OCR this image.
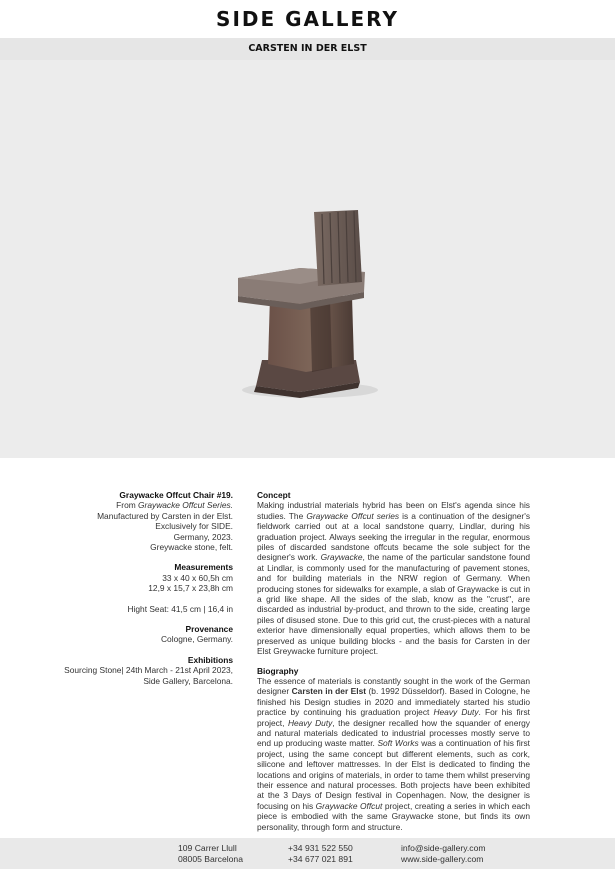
SIDE GALLERY
CARSTEN IN DER ELST
Graywacke Offcut Chair #19.
From Graywacke Offcut Series.
Manufactured by Carsten in der Elst.
Exclusively for SIDE.
Germany, 2023.
Greywacke stone, felt.
Measurements
33 x 40 x 60,5h cm
12,9 x 15,7 x 23,8h cm
Hight Seat: 41,5 cm | 16,4 in
Provenance
Cologne, Germany.
Exhibitions
Sourcing Stone| 24th March - 21st April 2023,
Side Gallery, Barcelona.
Concept

Making industrial materials hybrid has been on Elst's agenda since his studies. The Graywacke Offcut series is a continuation of the designer's fieldwork carried out at a local sandstone quarry, Lindlar, during his graduation project. Always seeking the irregular in the regular, enormous piles of discarded sandstone offcuts became the sole subject for the designer's work. Graywacke, the name of the particular sandstone found at Lindlar, is commonly used for the manufacturing of pavement stones, and for building materials in the NRW region of Germany. When producing stones for sidewalks for example, a slab of Graywacke is cut in a grid like shape. All the sides of the slab, know as the "crust", are discarded as industrial by-product, and thrown to the side, creating large piles of disused stone. Due to this grid cut, the crust-pieces with a natural exterior have dimensionally equal properties, which allows them to be preserved as unique building blocks - and the basis for Carsten in der Elst Greywacke furniture project.

Biography

The essence of materials is constantly sought in the work of the German designer Carsten in der Elst (b. 1992 Düsseldorf). Based in Cologne, he finished his Design studies in 2020 and immediately started his studio practice by continuing his graduation project Heavy Duty. For his first project, Heavy Duty, the designer recalled how the squander of energy and natural materials dedicated to industrial processes mostly serve to end up producing waste matter. Soft Works was a continuation of his first project, using the same concept but different elements, such as cork, silicone and leftover mattresses. In der Elst is dedicated to finding the locations and origins of materials, in order to tame them whilst preserving their essence and natural processes. Both projects have been exhibited at the 3 Days of Design festival in Copenhagen. Now, the designer is focusing on his Graywacke Offcut project, creating a series in which each piece is embodied with the same Graywacke stone, but finds its own personality, through form and structure.

109 Carrer Llull
08005 Barcelona
+34 931 522 550
+34 677 021 891
info@side-gallery.com
www.side-gallery.com
